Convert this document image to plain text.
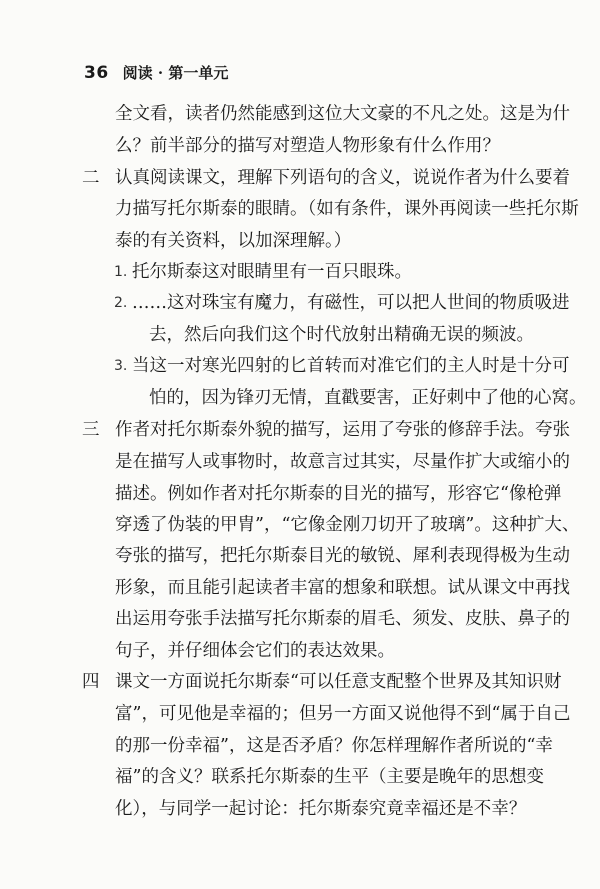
36 阅读 · 第一单元
全文看，读者仍然能感到这位大文豪的不凡之处。这是为什
么？前半部分的描写对塑造人物形象有什么作用？
二 认真阅读课文，理解下列语句的含义，说说作者为什么要着
力描写托尔斯泰的眼睛。（如有条件，课外再阅读一些托尔斯
泰的有关资料，以加深理解。）
1. 托尔斯泰这对眼睛里有一百只眼珠。
2. ……这对珠宝有魔力，有磁性，可以把人世间的物质吸进
去，然后向我们这个时代放射出精确无误的频波。
3. 当这一对寒光四射的匕首转而对准它们的主人时是十分可
怕的，因为锋刃无情，直戳要害，正好刺中了他的心窝。
三 作者对托尔斯泰外貌的描写，运用了夸张的修辞手法。夸张
是在描写人或事物时，故意言过其实，尽量作扩大或缩小的
描述。例如作者对托尔斯泰的目光的描写，形容它“像枪弹
穿透了伪装的甲胄”，“它像金刚刀切开了玻璃”。这种扩大、
夸张的描写，把托尔斯泰目光的敏锐、犀利表现得极为生动
形象，而且能引起读者丰富的想象和联想。试从课文中再找
出运用夸张手法描写托尔斯泰的眉毛、须发、皮肤、鼻子的
句子，并仔细体会它们的表达效果。
四 课文一方面说托尔斯泰“可以任意支配整个世界及其知识财
富”，可见他是幸福的；但另一方面又说他得不到“属于自己
的那一份幸福”，这是否矛盾？你怎样理解作者所说的“幸
福”的含义？联系托尔斯泰的生平（主要是晚年的思想变
化），与同学一起讨论：托尔斯泰究竟幸福还是不幸？
